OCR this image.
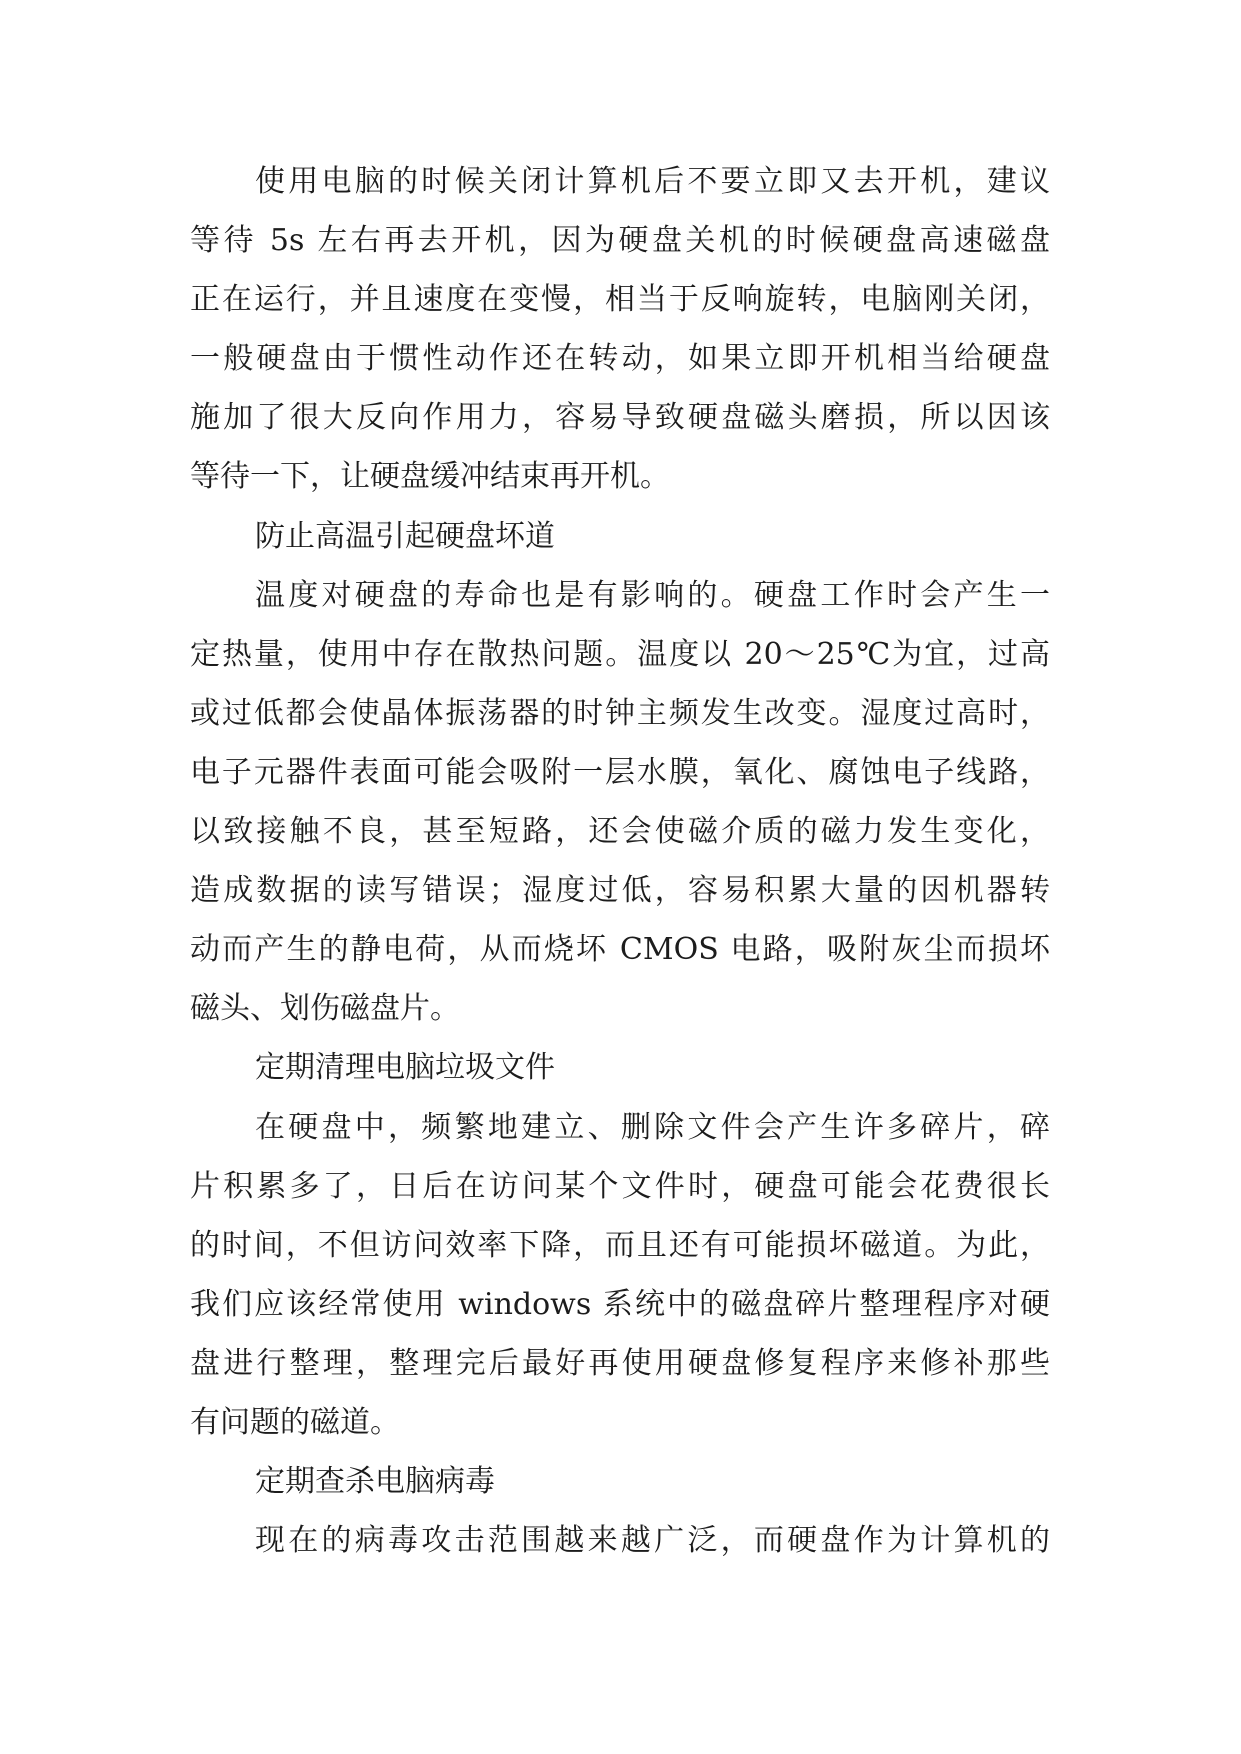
使用电脑的时候关闭计算机后不要立即又去开机，建议
等待 5s 左右再去开机，因为硬盘关机的时候硬盘高速磁盘
正在运行，并且速度在变慢，相当于反响旋转，电脑刚关闭，
一般硬盘由于惯性动作还在转动，如果立即开机相当给硬盘
施加了很大反向作用力，容易导致硬盘磁头磨损，所以因该
等待一下，让硬盘缓冲结束再开机。
防止高温引起硬盘坏道
温度对硬盘的寿命也是有影响的。硬盘工作时会产生一
定热量，使用中存在散热问题。温度以 20～25℃为宜，过高
或过低都会使晶体振荡器的时钟主频发生改变。湿度过高时，
电子元器件表面可能会吸附一层水膜，氧化、腐蚀电子线路，
以致接触不良，甚至短路，还会使磁介质的磁力发生变化，
造成数据的读写错误；湿度过低，容易积累大量的因机器转
动而产生的静电荷，从而烧坏 CMOS 电路，吸附灰尘而损坏
磁头、划伤磁盘片。
定期清理电脑垃圾文件
在硬盘中，频繁地建立、删除文件会产生许多碎片，碎
片积累多了，日后在访问某个文件时，硬盘可能会花费很长
的时间，不但访问效率下降，而且还有可能损坏磁道。为此，
我们应该经常使用 windows 系统中的磁盘碎片整理程序对硬
盘进行整理，整理完后最好再使用硬盘修复程序来修补那些
有问题的磁道。
定期查杀电脑病毒
现在的病毒攻击范围越来越广泛，而硬盘作为计算机的
